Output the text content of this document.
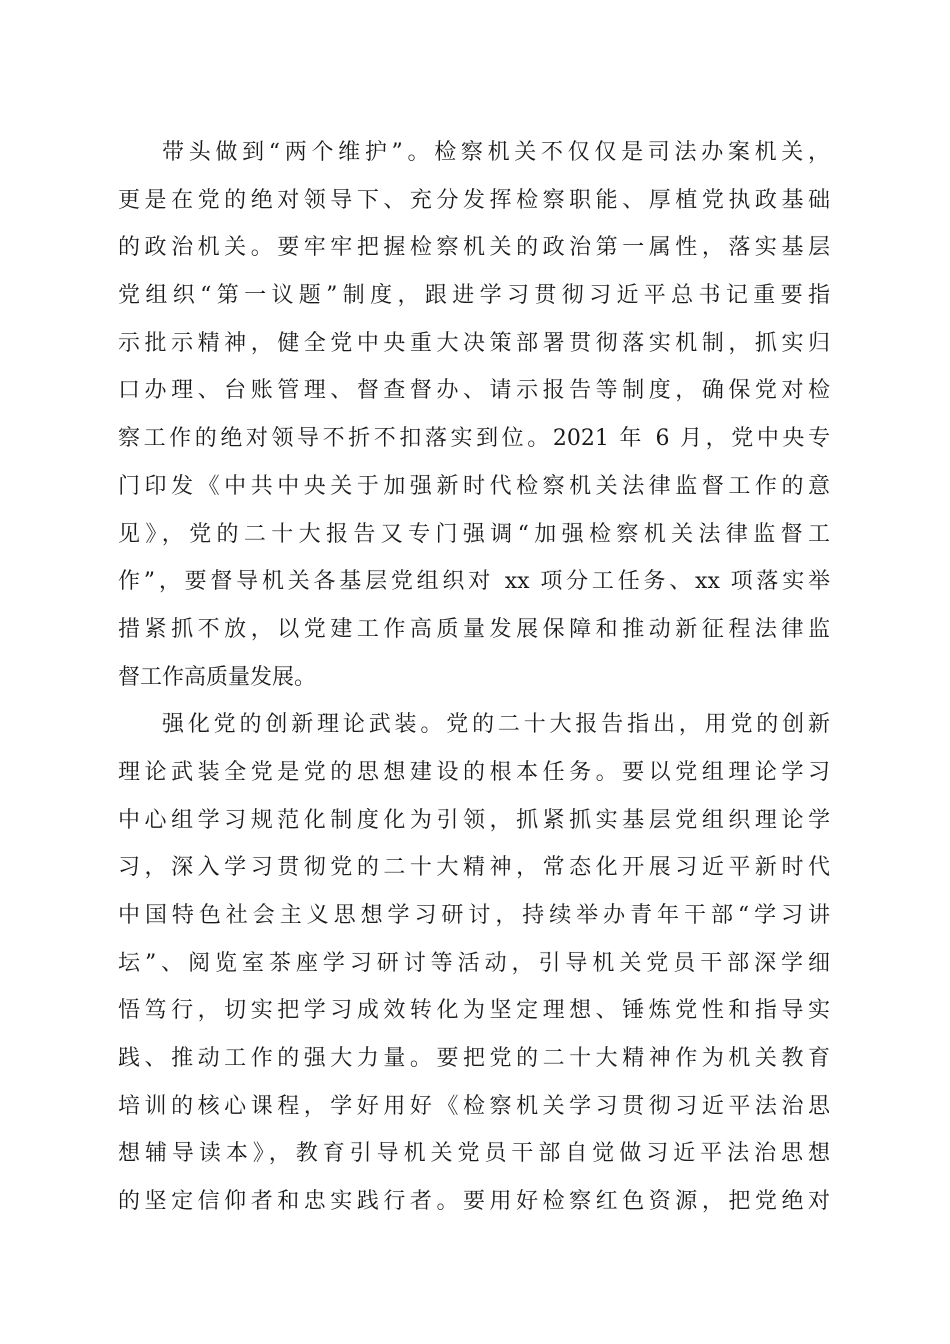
带头做到“两个维护”。检察机关不仅仅是司法办案机关，
更是在党的绝对领导下、充分发挥检察职能、厚植党执政基础
的政治机关。要牢牢把握检察机关的政治第一属性，落实基层
党组织“第一议题”制度，跟进学习贯彻习近平总书记重要指
示批示精神，健全党中央重大决策部署贯彻落实机制，抓实归
口办理、台账管理、督查督办、请示报告等制度，确保党对检
察工作的绝对领导不折不扣落实到位。2021 年 6 月，党中央专
门印发《中共中央关于加强新时代检察机关法律监督工作的意
见》，党的二十大报告又专门强调“加强检察机关法律监督工
作”，要督导机关各基层党组织对 xx 项分工任务、xx 项落实举
措紧抓不放，以党建工作高质量发展保障和推动新征程法律监
督工作高质量发展。
强化党的创新理论武装。党的二十大报告指出，用党的创新
理论武装全党是党的思想建设的根本任务。要以党组理论学习
中心组学习规范化制度化为引领，抓紧抓实基层党组织理论学
习，深入学习贯彻党的二十大精神，常态化开展习近平新时代
中国特色社会主义思想学习研讨，持续举办青年干部“学习讲
坛”、阅览室茶座学习研讨等活动，引导机关党员干部深学细
悟笃行，切实把学习成效转化为坚定理想、锤炼党性和指导实
践、推动工作的强大力量。要把党的二十大精神作为机关教育
培训的核心课程，学好用好《检察机关学习贯彻习近平法治思
想辅导读本》，教育引导机关党员干部自觉做习近平法治思想
的坚定信仰者和忠实践行者。要用好检察红色资源，把党绝对
